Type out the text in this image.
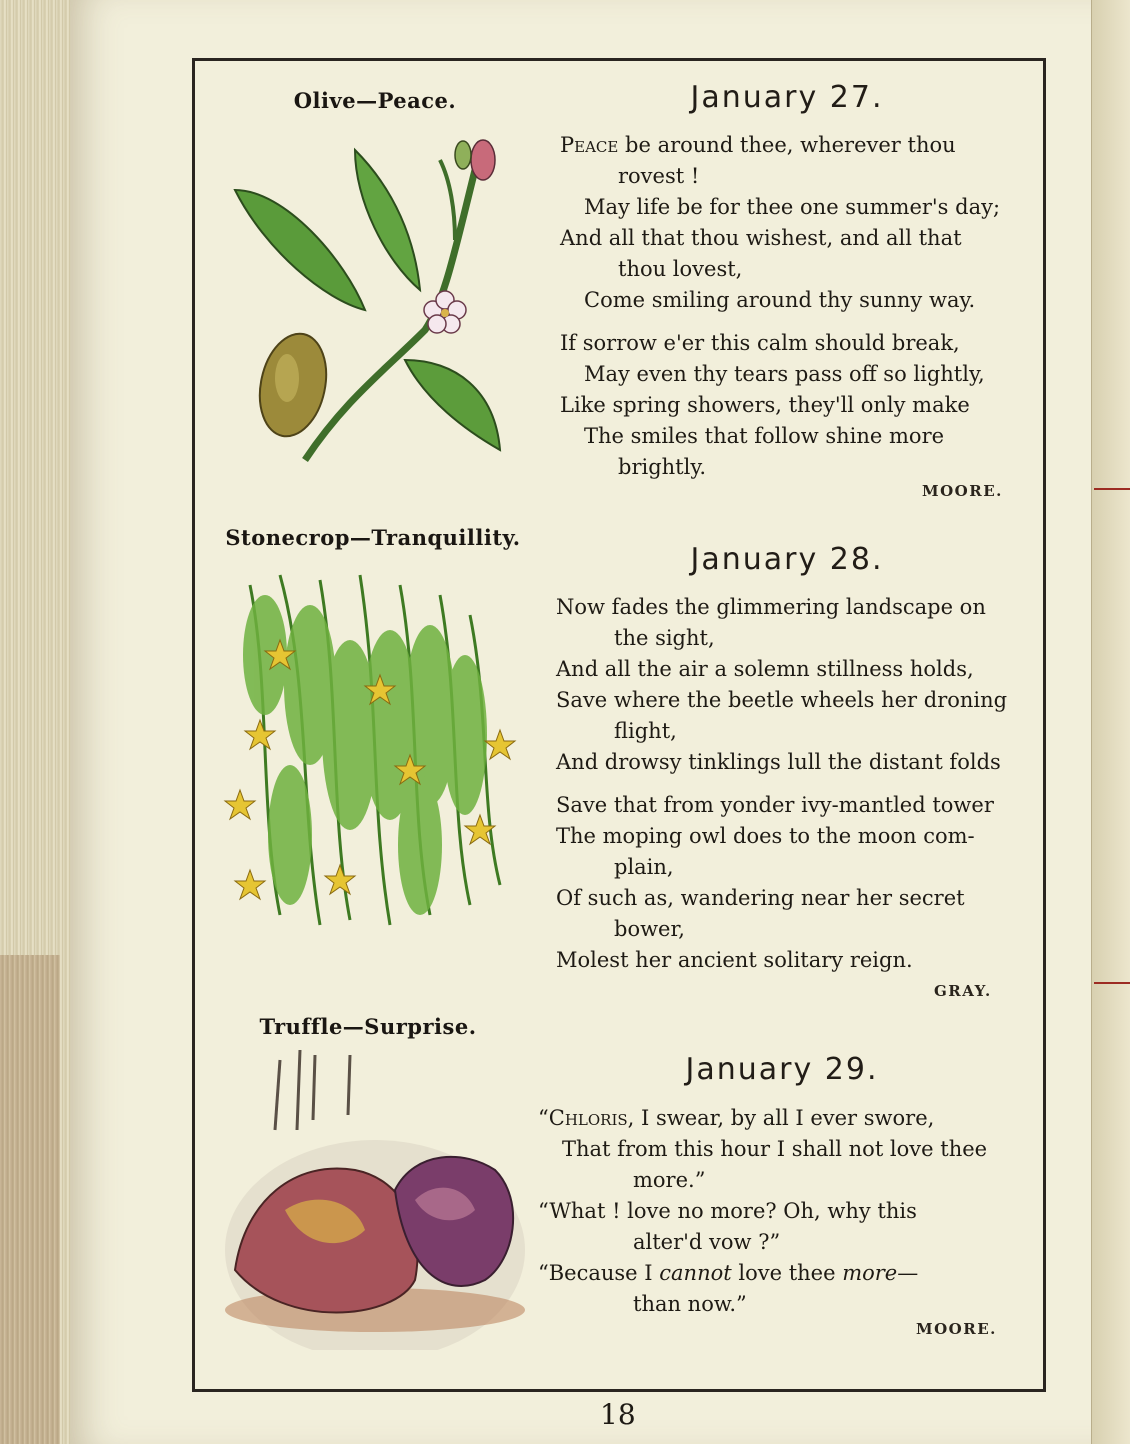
Olive—Peace.	January 27.
Peace be around thee, wherever thou
rovest !
May life be for thee one summer's day;
And all that thou wishest, and all that
thou lovest,
Come smiling around thy sunny way.
If sorrow e'er this calm should break,
May even thy tears pass off so lightly,
Like spring showers, they'll only make
The smiles that follow shine more
brightly.
MOORE.
Stonecrop—Tranquillity.
January 28.
Now fades the glimmering landscape on
the sight,
And all the air a solemn stillness holds,
Save where the beetle wheels her droning
flight,
And drowsy tinklings lull the distant folds
Save that from yonder ivy-mantled tower
The moping owl does to the moon com-
plain,
Of such as, wandering near her secret
bower,
Molest her ancient solitary reign.
GRAY.
Truffle—Surprise.
January 29.
“Chloris, I swear, by all I ever swore,
That from this hour I shall not love thee
more.”
“What ! love no more? Oh, why this
alter'd vow ?”
“Because I cannot love thee more—
than now.”
MOORE.
18
